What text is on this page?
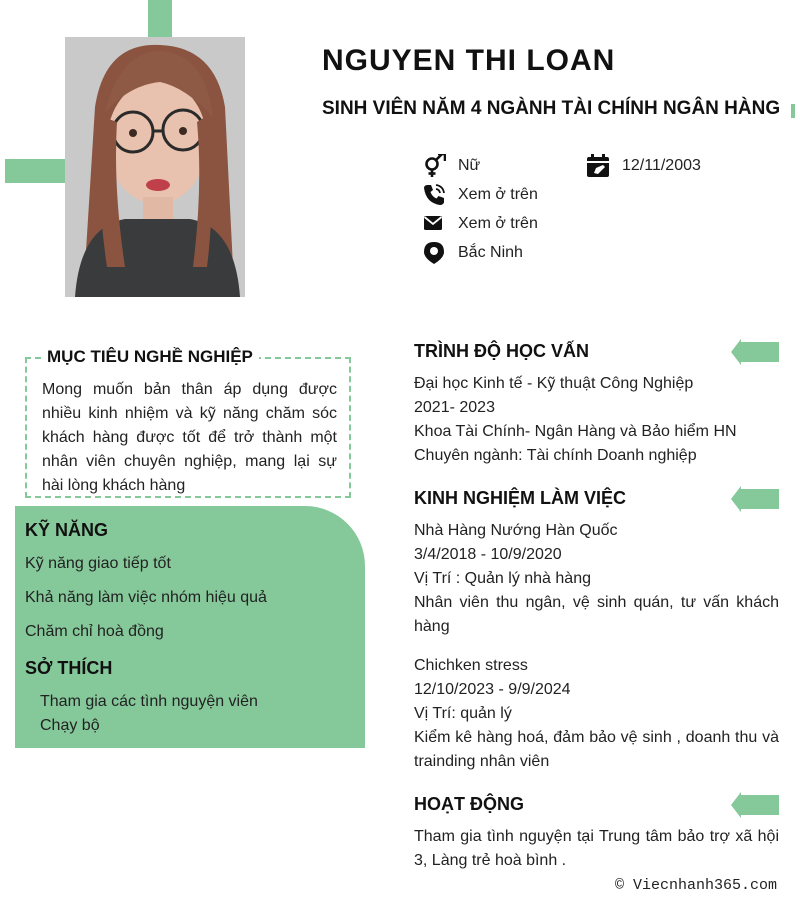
NGUYEN THI LOAN
SINH VIÊN NĂM 4 NGÀNH TÀI CHÍNH NGÂN HÀNG
Nữ	12/11/2003
Xem ở trên
Xem ở trên
Bắc Ninh
MỤC TIÊU NGHỀ NGHIỆP
Mong muốn bản thân áp dụng được nhiều kinh nhiệm và kỹ năng chăm sóc khách hàng được tốt để trở thành một nhân viên chuyên nghiệp, mang lại sự hài lòng khách hàng
KỸ NĂNG
Kỹ năng giao tiếp tốt
Khả năng làm việc nhóm hiệu quả
Chăm chỉ hoà đồng
SỞ THÍCH
Tham gia các tình nguyện viên
Chạy bộ
TRÌNH ĐỘ HỌC VẤN
Đại học Kinh tế - Kỹ thuật Công Nghiệp
2021- 2023
Khoa Tài Chính- Ngân Hàng và Bảo hiểm HN
Chuyên ngành: Tài chính Doanh nghiệp
KINH NGHIỆM LÀM VIỆC
Nhà Hàng Nướng Hàn Quốc
3/4/2018 - 10/9/2020
Vị Trí : Quản lý nhà hàng
Nhân viên thu ngân, vệ sinh quán, tư vấn khách hàng
Chichken stress
12/10/2023 - 9/9/2024
Vị Trí: quản lý
Kiểm kê hàng hoá, đảm bảo vệ sinh , doanh thu và trainding nhân viên
HOẠT ĐỘNG
Tham gia tình nguyện tại Trung tâm bảo trợ xã hội 3, Làng trẻ hoà bình .
© Viecnhanh365.com
